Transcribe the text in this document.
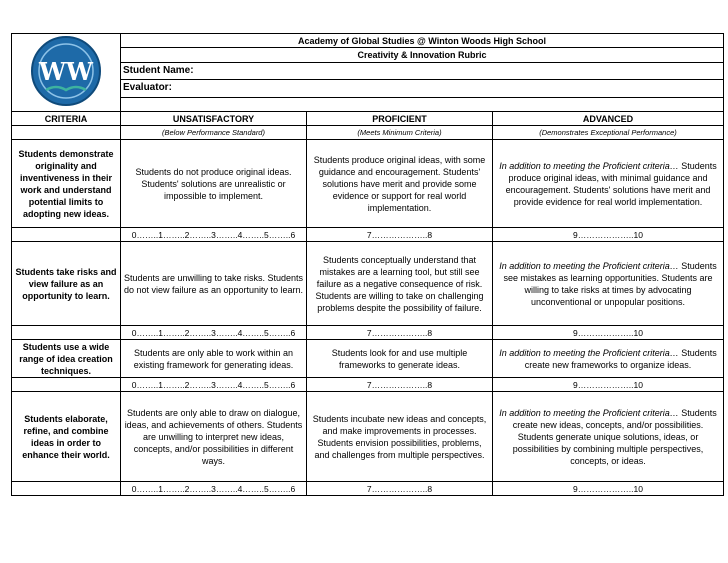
WW	Academy of Global Studies @ Winton Woods High School		
	Creativity & Innovation Rubric		
	Student Name:		
	Evaluator:		

CRITERIA	UNSATISFACTORY	PROFICIENT	ADVANCED
	(Below Performance Standard)	(Meets Minimum Criteria)	(Demonstrates Exceptional Performance)
Students demonstrate originality and inventiveness in their work and understand potential limits to adopting new ideas.	Students do not produce original ideas. Students' solutions are unrealistic or impossible to implement.	Students produce original ideas, with some guidance and encouragement. Students' solutions have merit and provide some evidence or support for real world implementation.	In addition to meeting the Proficient criteria… Students produce original ideas, with minimal guidance and encouragement. Students' solutions have merit and provide evidence for real world implementation.
	0……..1……..2……..3……..4……..5……..6	7………………..8	9………………..10
Students take risks and view failure as an opportunity to learn.	Students are unwilling to take risks. Students do not view failure as an opportunity to learn.	Students conceptually understand that mistakes are a learning tool, but still see failure as a negative consequence of risk. Students are willing to take on challenging problems despite the possibility of failure.	In addition to meeting the Proficient criteria… Students see mistakes as learning opportunities. Students are willing to take risks at times by advocating unconventional or unpopular positions.
	0……..1……..2……..3……..4……..5……..6	7………………..8	9………………..10
Students use a wide range of idea creation techniques.	Students are only able to work within an existing framework for generating ideas.	Students look for and use multiple frameworks to generate ideas.	In addition to meeting the Proficient criteria… Students create new frameworks to organize ideas.
	0……..1……..2……..3……..4……..5……..6	7………………..8	9………………..10
Students elaborate, refine, and combine ideas in order to enhance their world.	Students are only able to draw on dialogue, ideas, and achievements of others. Students are unwilling to interpret new ideas, concepts, and/or possibilities in different ways.	Students incubate new ideas and concepts, and make improvements in processes. Students envision possibilities, problems, and challenges from multiple perspectives.	In addition to meeting the Proficient criteria… Students create new ideas, concepts, and/or possibilities. Students generate unique solutions, ideas, or possibilities by combining multiple perspectives, concepts, or ideas.
	0……..1……..2……..3……..4……..5……..6	7………………..8	9………………..10
